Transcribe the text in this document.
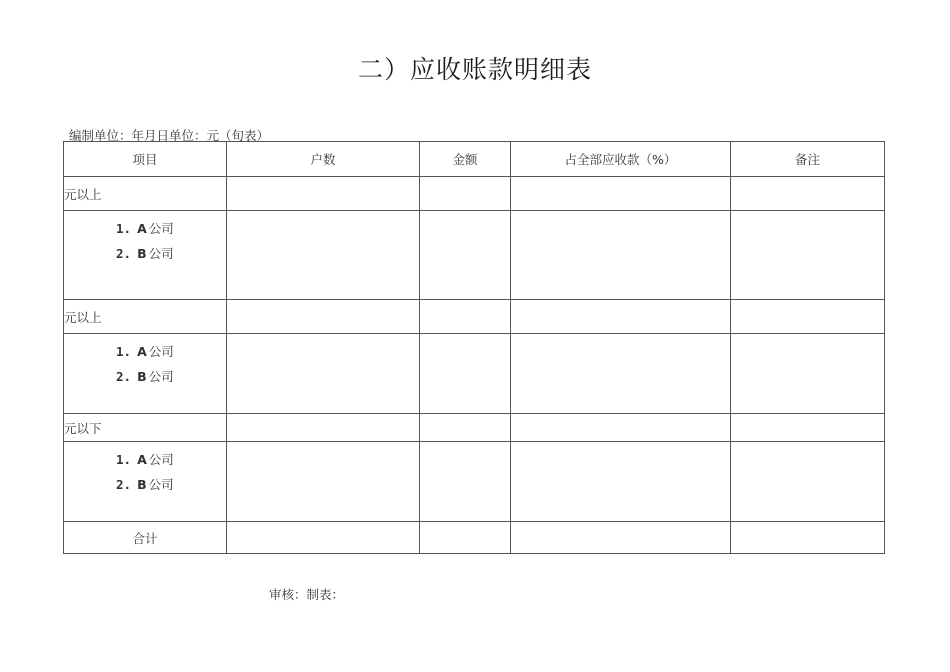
二）应收账款明细表
编制单位：年月日单位：元（旬表）
项目	户数	金额	占全部应收款（%）	备注
元以上				

1. A 公司
2. B 公司				

元以上				

1. A 公司
2. B 公司				

元以下				

1. A 公司
2. B 公司				

合计				
审核：制表：
